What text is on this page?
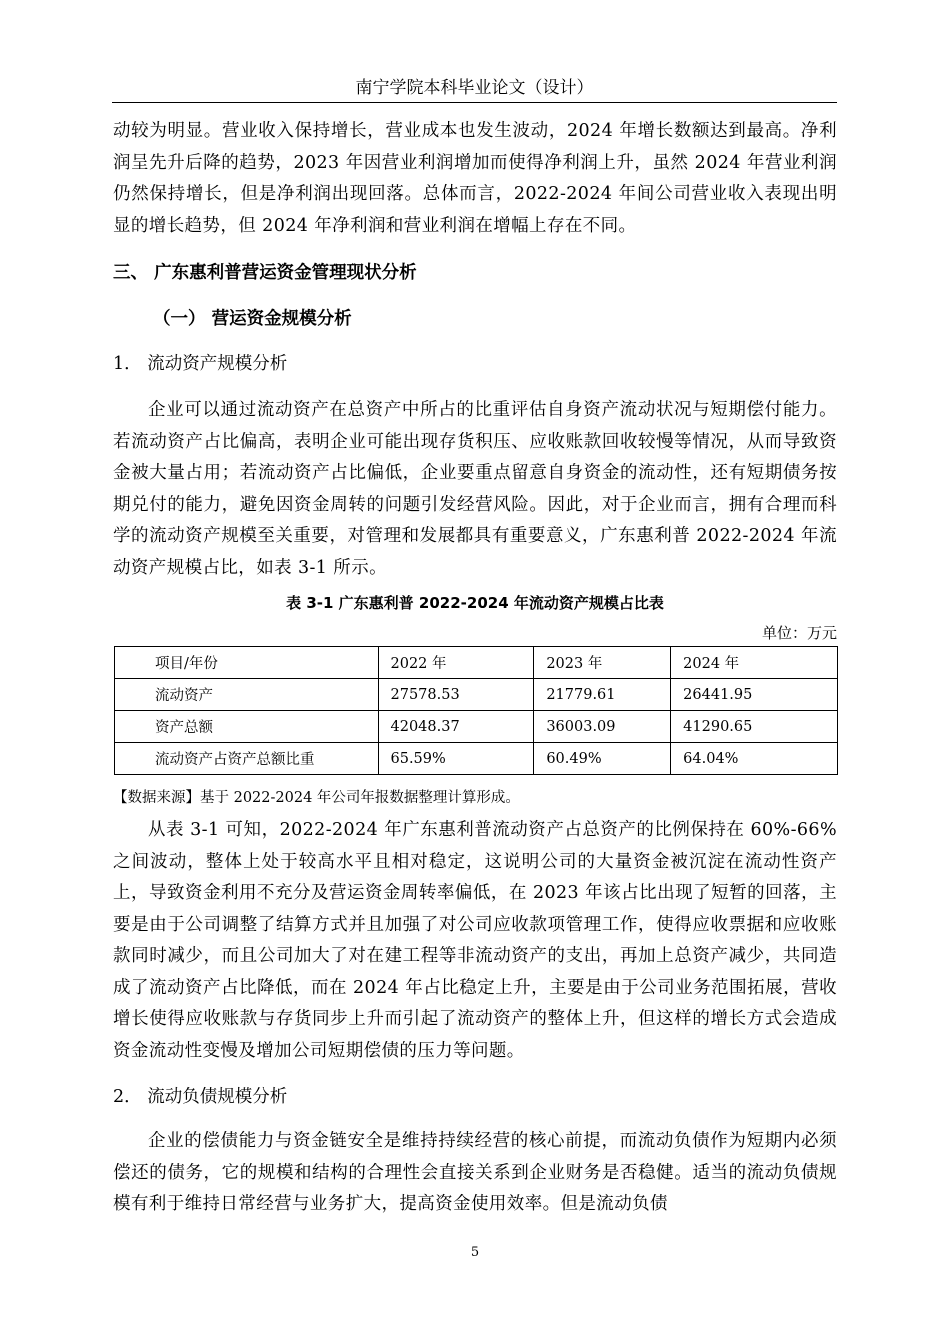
南宁学院本科毕业论文（设计）

动较为明显。营业收入保持增长，营业成本也发生波动，2024 年增长数额达到最高。净利润呈先升后降的趋势，2023 年因营业利润增加而使得净利润上升，虽然 2024 年营业利润仍然保持增长，但是净利润出现回落。总体而言，2022-2024 年间公司营业收入表现出明显的增长趋势，但 2024 年净利润和营业利润在增幅上存在不同。

三、 广东惠利普营运资金管理现状分析
（一） 营运资金规模分析
1． 流动资产规模分析

企业可以通过流动资产在总资产中所占的比重评估自身资产流动状况与短期偿付能力。若流动资产占比偏高，表明企业可能出现存货积压、应收账款回收较慢等情况，从而导致资金被大量占用；若流动资产占比偏低，企业要重点留意自身资金的流动性，还有短期债务按期兑付的能力，避免因资金周转的问题引发经营风险。因此，对于企业而言，拥有合理而科学的流动资产规模至关重要，对管理和发展都具有重要意义，广东惠利普 2022-2024 年流动资产规模占比，如表 3-1 所示。

表 3-1 广东惠利普 2022-2024 年流动资产规模占比表
单位：万元
项目/年份	2022 年	2023 年	2024 年
流动资产	27578.53	21779.61	26441.95
资产总额	42048.37	36003.09	41290.65
流动资产占资产总额比重	65.59%	60.49%	64.04%
【数据来源】基于 2022-2024 年公司年报数据整理计算形成。

从表 3-1 可知，2022-2024 年广东惠利普流动资产占总资产的比例保持在 60%-66%之间波动，整体上处于较高水平且相对稳定，这说明公司的大量资金被沉淀在流动性资产上，导致资金利用不充分及营运资金周转率偏低，在 2023 年该占比出现了短暂的回落，主要是由于公司调整了结算方式并且加强了对公司应收款项管理工作，使得应收票据和应收账款同时减少，而且公司加大了对在建工程等非流动资产的支出，再加上总资产减少，共同造成了流动资产占比降低，而在 2024 年占比稳定上升，主要是由于公司业务范围拓展，营收增长使得应收账款与存货同步上升而引起了流动资产的整体上升，但这样的增长方式会造成资金流动性变慢及增加公司短期偿债的压力等问题。

2． 流动负债规模分析

企业的偿债能力与资金链安全是维持持续经营的核心前提，而流动负债作为短期内必须偿还的债务，它的规模和结构的合理性会直接关系到企业财务是否稳健。适当的流动负债规模有利于维持日常经营与业务扩大，提高资金使用效率。但是流动负债

5
